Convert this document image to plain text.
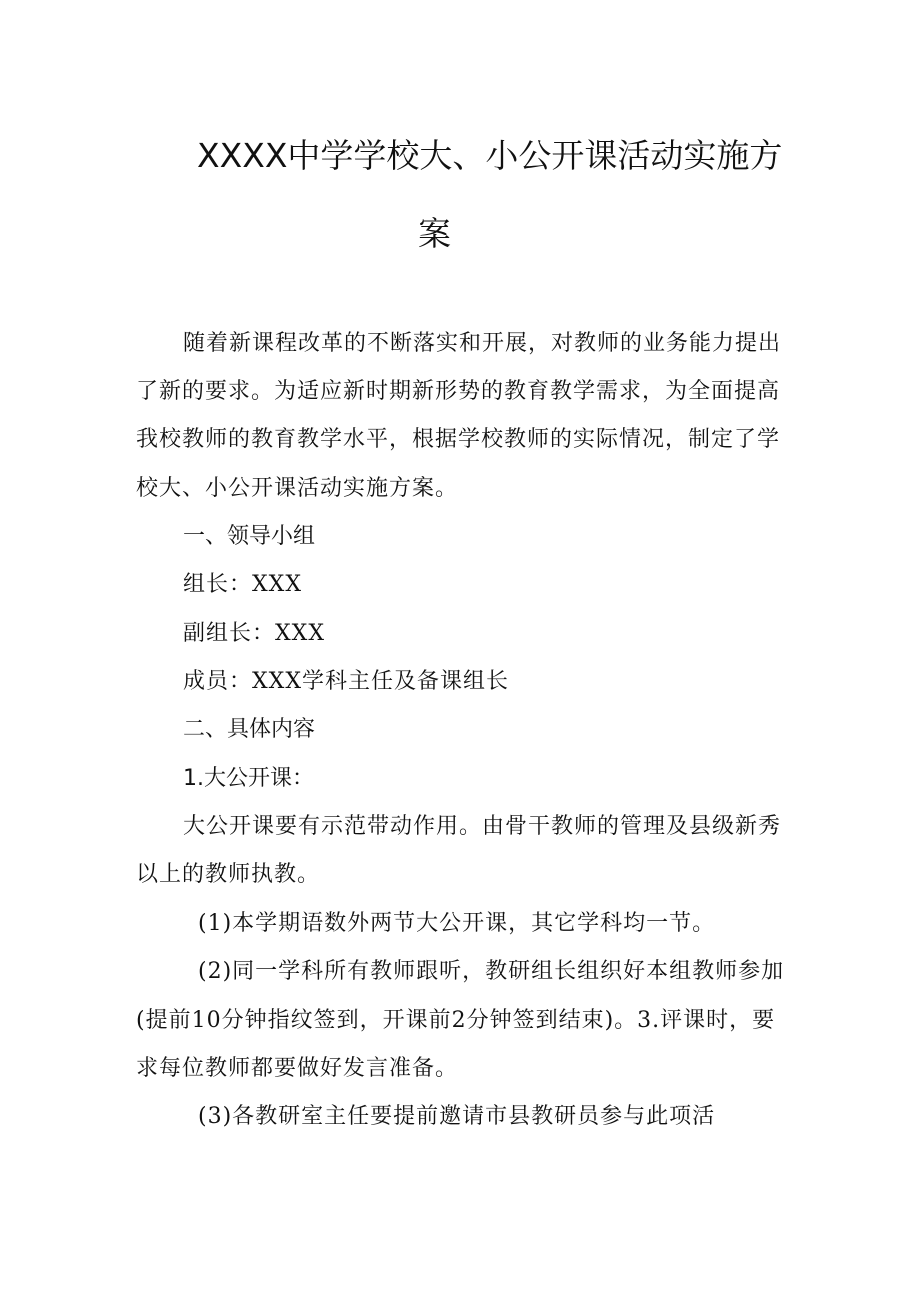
XXXX中学学校大、小公开课活动实施方
案
随着新课程改革的不断落实和开展，对教师的业务能力提出
了新的要求。为适应新时期新形势的教育教学需求，为全面提高
我校教师的教育教学水平，根据学校教师的实际情况，制定了学
校大、小公开课活动实施方案。
一、领导小组
组长：XXX
副组长：XXX
成员：XXX学科主任及备课组长
二、具体内容
1.大公开课：
大公开课要有示范带动作用。由骨干教师的管理及县级新秀
以上的教师执教。
(1)本学期语数外两节大公开课，其它学科均一节。
(2)同一学科所有教师跟听，教研组长组织好本组教师参加
(提前10分钟指纹签到，开课前2分钟签到结束)。3.评课时，要
求每位教师都要做好发言准备。
(3)各教研室主任要提前邀请市县教研员参与此项活
